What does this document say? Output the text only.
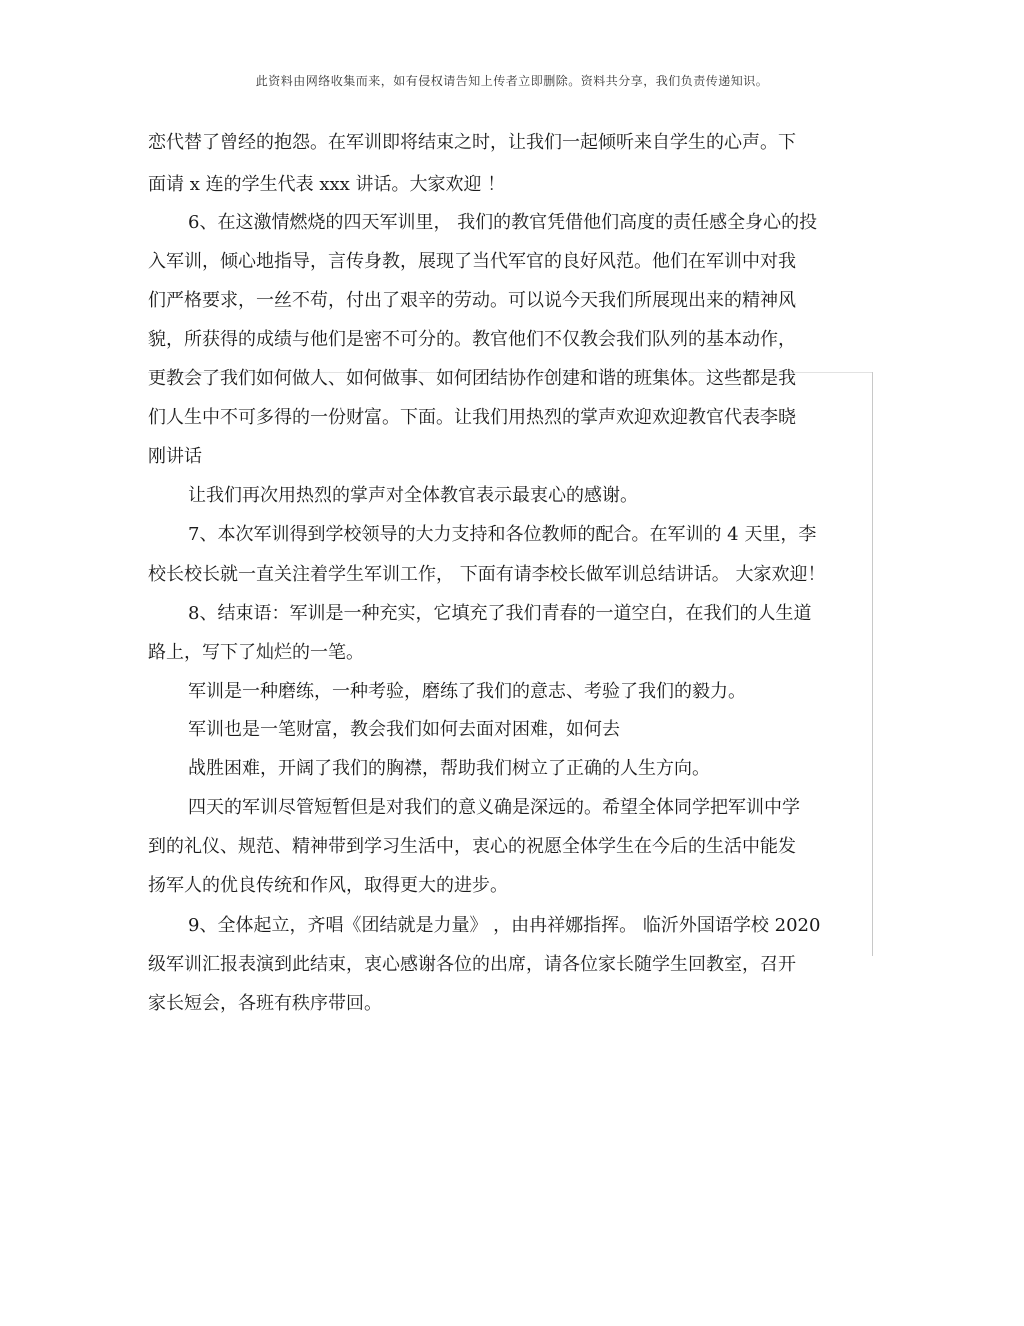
此资料由网络收集而来，如有侵权请告知上传者立即删除。资料共分享，我们负责传递知识。
恋代替了曾经的抱怨。在军训即将结束之时，让我们一起倾听来自学生的心声。下
面请 x 连的学生代表 xxx 讲话。大家欢迎 ！
6、在这激情燃烧的四天军训里， 我们的教官凭借他们高度的责任感全身心的投
入军训，倾心地指导，言传身教，展现了当代军官的良好风范。他们在军训中对我
们严格要求，一丝不苟，付出了艰辛的劳动。可以说今天我们所展现出来的精神风
貌，所获得的成绩与他们是密不可分的。教官他们不仅教会我们队列的基本动作，
更教会了我们如何做人、如何做事、如何团结协作创建和谐的班集体。这些都是我
们人生中不可多得的一份财富。下面。让我们用热烈的掌声欢迎欢迎教官代表李晓
刚讲话
让我们再次用热烈的掌声对全体教官表示最衷心的感谢。
7、本次军训得到学校领导的大力支持和各位教师的配合。在军训的 4 天里，李
校长校长就一直关注着学生军训工作， 下面有请李校长做军训总结讲话。 大家欢迎！
8、结束语：军训是一种充实，它填充了我们青春的一道空白，在我们的人生道
路上，写下了灿烂的一笔。
军训是一种磨练，一种考验，磨练了我们的意志、考验了我们的毅力。
军训也是一笔财富，教会我们如何去面对困难，如何去
战胜困难，开阔了我们的胸襟，帮助我们树立了正确的人生方向。
四天的军训尽管短暂但是对我们的意义确是深远的。希望全体同学把军训中学
到的礼仪、规范、精神带到学习生活中，衷心的祝愿全体学生在今后的生活中能发
扬军人的优良传统和作风，取得更大的进步。
9、全体起立，齐唱《团结就是力量》 ，由冉祥娜指挥。 临沂外国语学校 2020
级军训汇报表演到此结束，衷心感谢各位的出席，请各位家长随学生回教室，召开
家长短会，各班有秩序带回。
